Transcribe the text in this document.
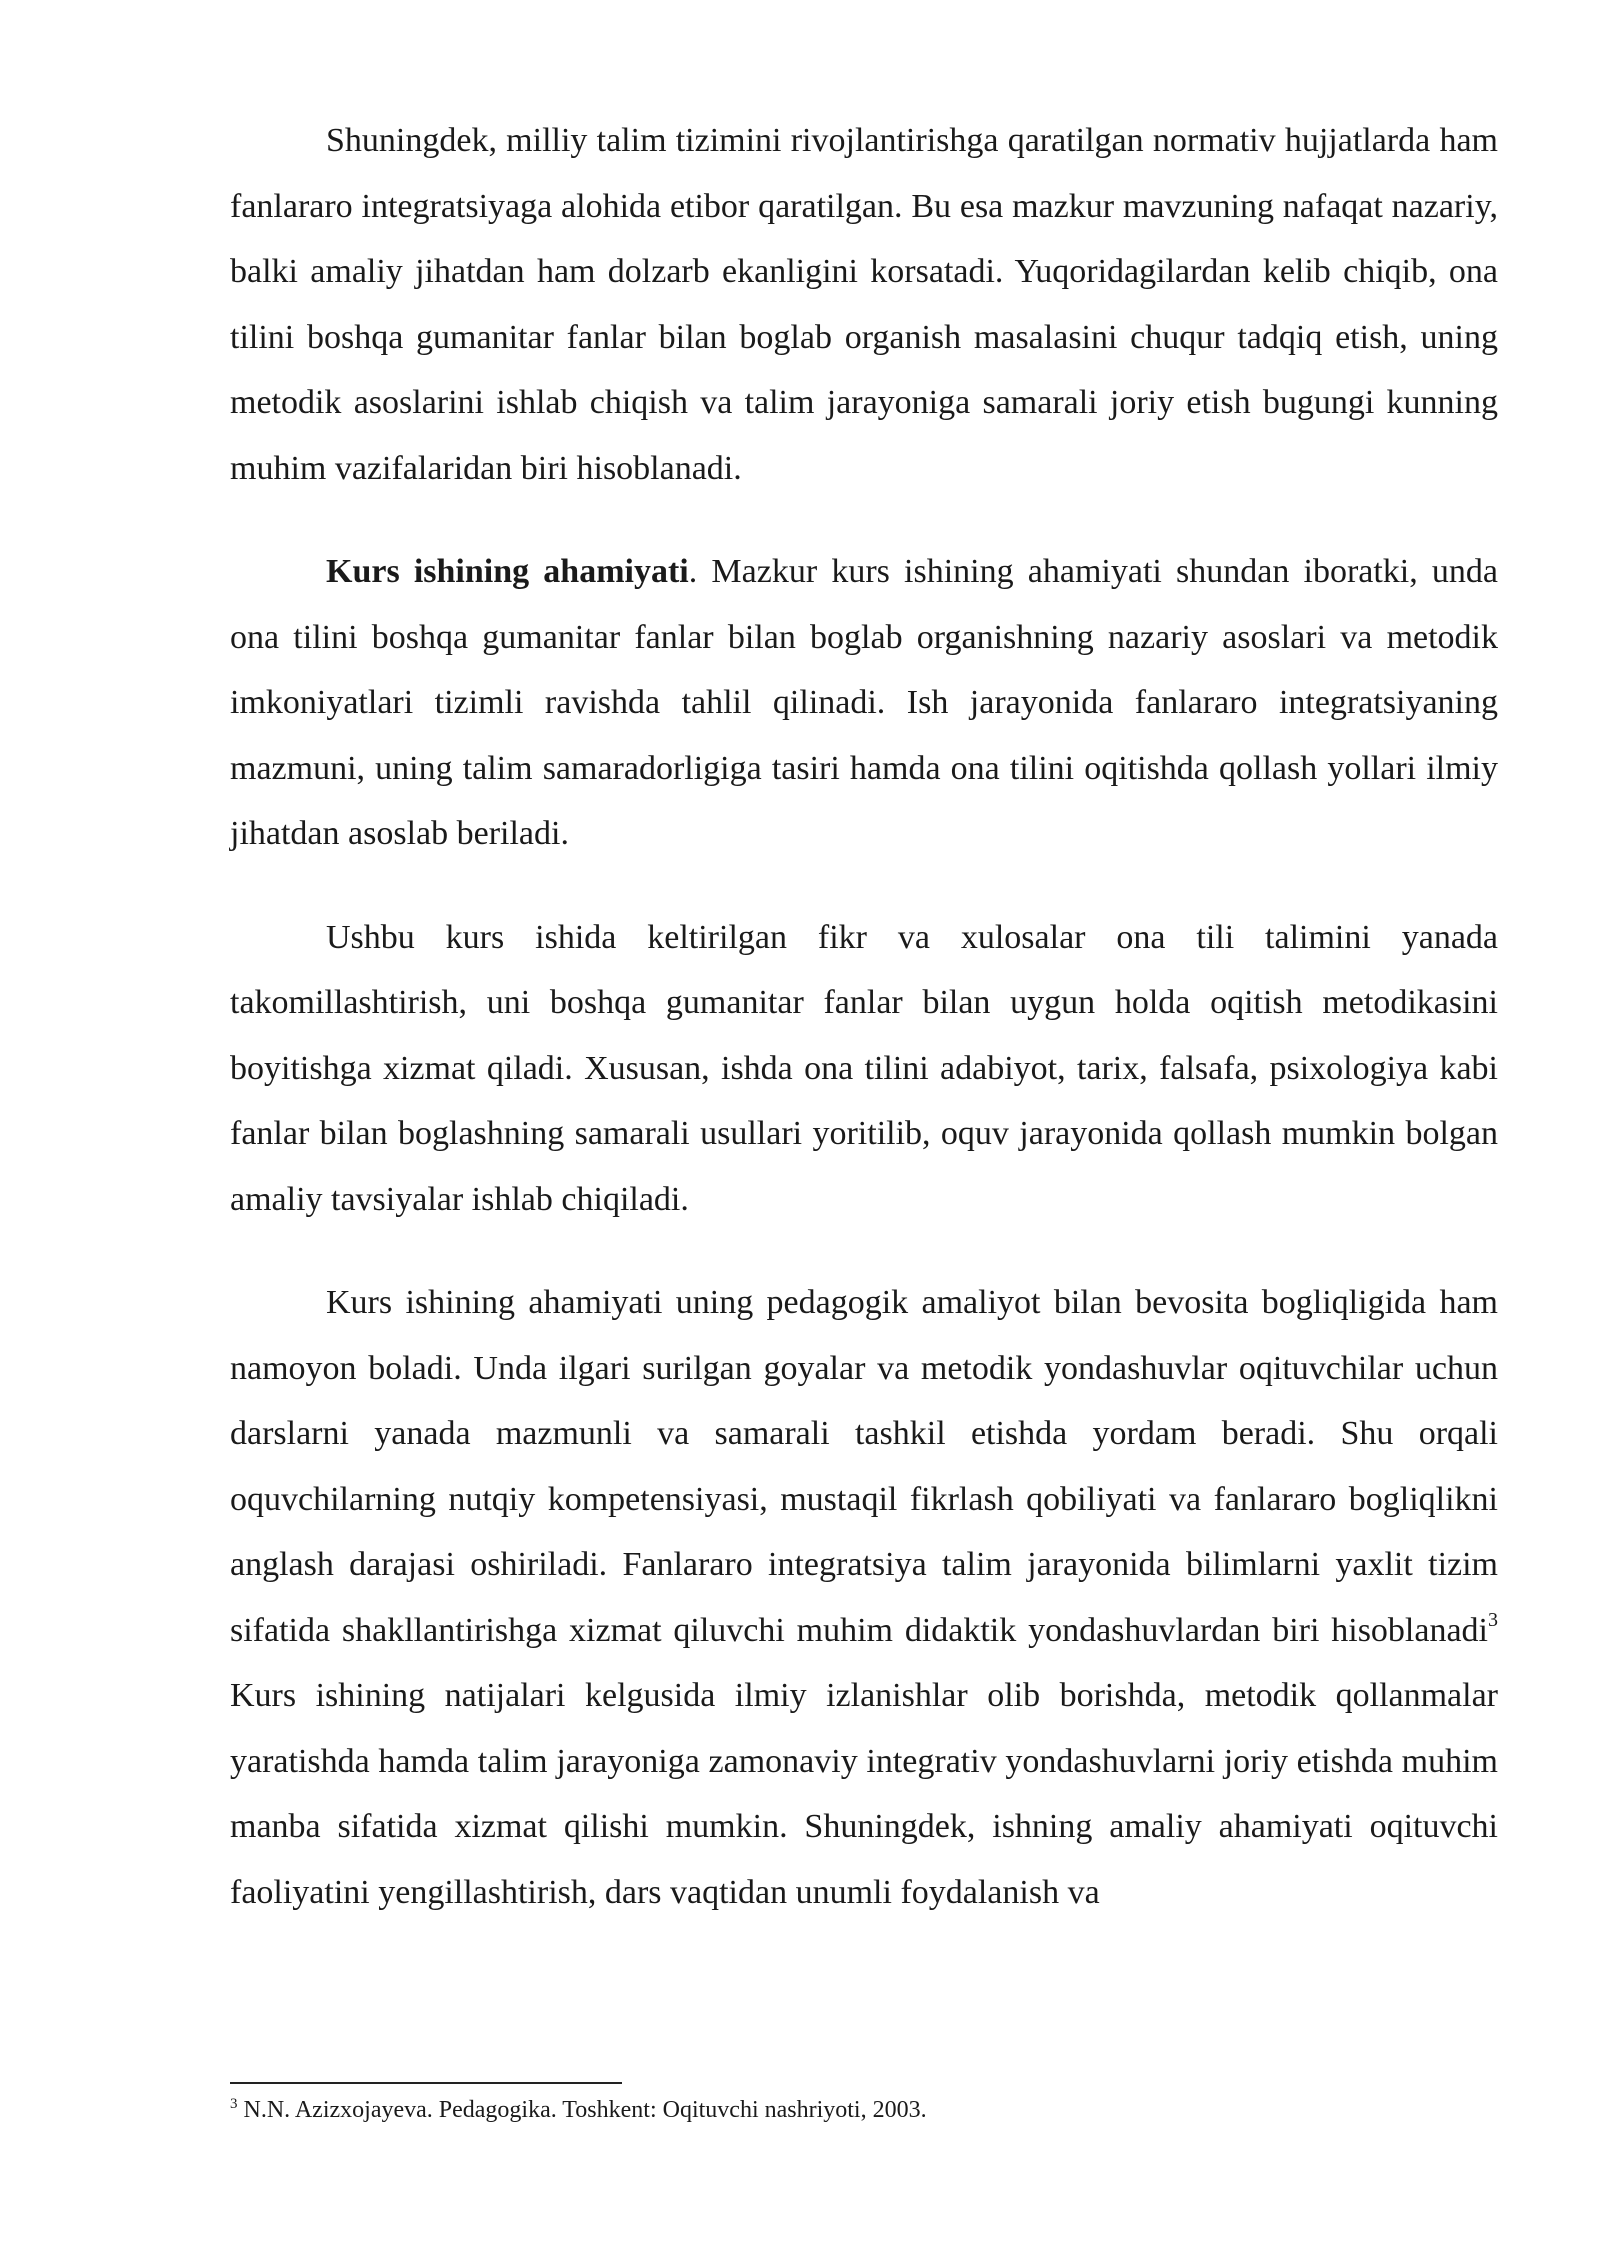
Shuningdek, milliy talim tizimini rivojlantirishga qaratilgan normativ hujjatlarda ham fanlararo integratsiyaga alohida etibor qaratilgan. Bu esa mazkur mavzuning nafaqat nazariy, balki amaliy jihatdan ham dolzarb ekanligini korsatadi. Yuqoridagilardan kelib chiqib, ona tilini boshqa gumanitar fanlar bilan boglab organish masalasini chuqur tadqiq etish, uning metodik asoslarini ishlab chiqish va talim jarayoniga samarali joriy etish bugungi kunning muhim vazifalaridan biri hisoblanadi.

Kurs ishining ahamiyati. Mazkur kurs ishining ahamiyati shundan iboratki, unda ona tilini boshqa gumanitar fanlar bilan boglab organishning nazariy asoslari va metodik imkoniyatlari tizimli ravishda tahlil qilinadi. Ish jarayonida fanlararo integratsiyaning mazmuni, uning talim samaradorligiga tasiri hamda ona tilini oqitishda qollash yollari ilmiy jihatdan asoslab beriladi.

Ushbu kurs ishida keltirilgan fikr va xulosalar ona tili talimini yanada takomillashtirish, uni boshqa gumanitar fanlar bilan uygun holda oqitish metodikasini boyitishga xizmat qiladi. Xususan, ishda ona tilini adabiyot, tarix, falsafa, psixologiya kabi fanlar bilan boglashning samarali usullari yoritilib, oquv jarayonida qollash mumkin bolgan amaliy tavsiyalar ishlab chiqiladi.

Kurs ishining ahamiyati uning pedagogik amaliyot bilan bevosita bogliqligida ham namoyon boladi. Unda ilgari surilgan goyalar va metodik yondashuvlar oqituvchilar uchun darslarni yanada mazmunli va samarali tashkil etishda yordam beradi. Shu orqali oquvchilarning nutqiy kompetensiyasi, mustaqil fikrlash qobiliyati va fanlararo bogliqlikni anglash darajasi oshiriladi. Fanlararo integratsiya talim jarayonida bilimlarni yaxlit tizim sifatida shakllantirishga xizmat qiluvchi muhim didaktik yondashuvlardan biri hisoblanadi$^3$ Kurs ishining natijalari kelgusida ilmiy izlanishlar olib borishda, metodik qollanmalar yaratishda hamda talim jarayoniga zamonaviy integrativ yondashuvlarni joriy etishda muhim manba sifatida xizmat qilishi mumkin. Shuningdek, ishning amaliy ahamiyati oqituvchi faoliyatini yengillashtirish, dars vaqtidan unumli foydalanish va

$^3$ N.N. Azizxojayeva. Pedagogika. Toshkent: Oqituvchi nashriyoti, 2003.
